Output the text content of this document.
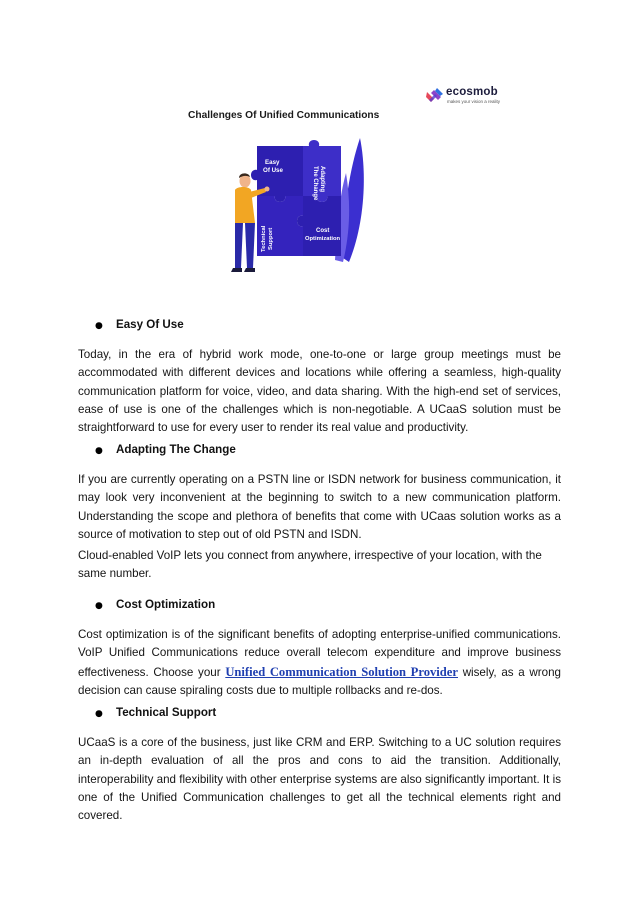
ecosmob
makes your vision a reality
Challenges Of Unified Communications
Easy
Of Use	Adapting
The Change
Technical Support	Cost
Optimization
● Easy Of Use

Today, in the era of hybrid work mode, one-to-one or large group meetings must be accommodated with different devices and locations while offering a seamless, high-quality communication platform for voice, video, and data sharing. With the high-end set of services, ease of use is one of the challenges which is non-negotiable. A UCaaS solution must be straightforward to use for every user to render its real value and productivity.

● Adapting The Change

If you are currently operating on a PSTN line or ISDN network for business communication, it may look very inconvenient at the beginning to switch to a new communication platform. Understanding the scope and plethora of benefits that come with UCaas solution works as a source of motivation to step out of old PSTN and ISDN.

Cloud-enabled VoIP lets you connect from anywhere, irrespective of your location, with the same number.

● Cost Optimization

Cost optimization is of the significant benefits of adopting enterprise-unified communications. VoIP Unified Communications reduce overall telecom expenditure and improve business effectiveness. Choose your Unified Communication Solution Provider wisely, as a wrong decision can cause spiraling costs due to multiple rollbacks and re-dos.

● Technical Support

UCaaS is a core of the business, just like CRM and ERP. Switching to a UC solution requires an in-depth evaluation of all the pros and cons to aid the transition. Additionally, interoperability and flexibility with other enterprise systems are also significantly important. It is one of the Unified Communication challenges to get all the technical elements right and covered.
